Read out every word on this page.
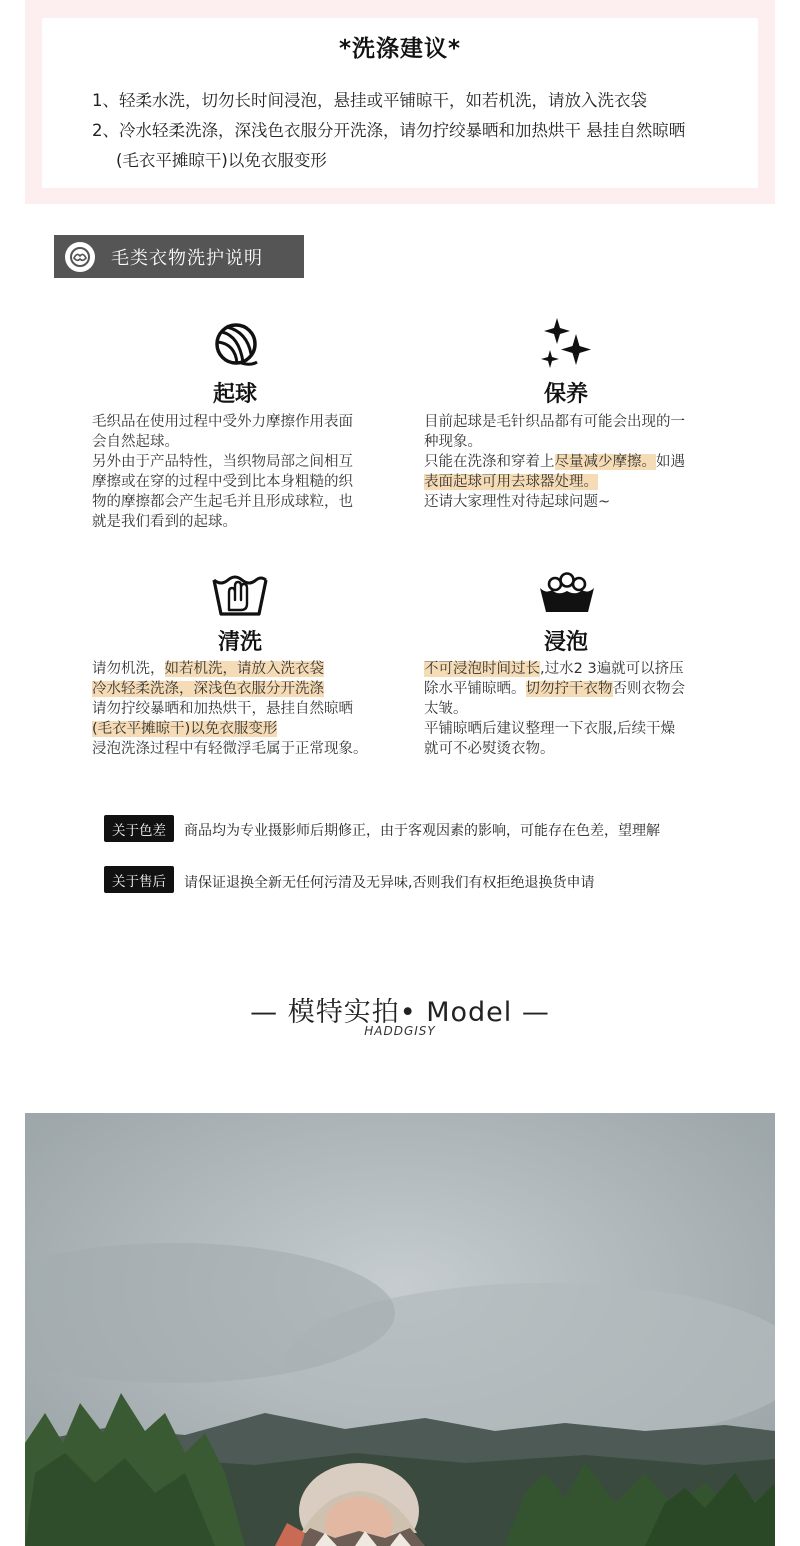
*洗涤建议*
1、轻柔水洗，切勿长时间浸泡，悬挂或平铺晾干，如若机洗，请放入洗衣袋
2、冷水轻柔洗涤，深浅色衣服分开洗涤，请勿拧绞暴晒和加热烘干 悬挂自然晾晒
(毛衣平摊晾干)以免衣服变形
毛类衣物洗护说明
起球

毛织品在使用过程中受外力摩擦作用表面

会自然起球。

另外由于产品特性，当织物局部之间相互

摩擦或在穿的过程中受到比本身粗糙的织

物的摩擦都会产生起毛并且形成球粒，也

就是我们看到的起球。

保养

目前起球是毛针织品都有可能会出现的一

种现象。

只能在洗涤和穿着上尽量减少摩擦。如遇

表面起球可用去球器处理。

还请大家理性对待起球问题~

清洗

请勿机洗，如若机洗，请放入洗衣袋

冷水轻柔洗涤，深浅色衣服分开洗涤

请勿拧绞暴晒和加热烘干，悬挂自然晾晒

(毛衣平摊晾干)以免衣服变形

浸泡洗涤过程中有轻微浮毛属于正常现象。

浸泡

不可浸泡时间过长,过水2 3遍就可以挤压

除水平铺晾晒。切勿拧干衣物否则衣物会

太皱。

平铺晾晒后建议整理一下衣服,后续干燥

就可不必熨烫衣物。

关于色差	商品均为专业摄影师后期修正，由于客观因素的影响，可能存在色差，望理解
关于售后	请保证退换全新无任何污清及无异味,否则我们有权拒绝退换货申请
— 模特实拍• Model —
HADDGISY
